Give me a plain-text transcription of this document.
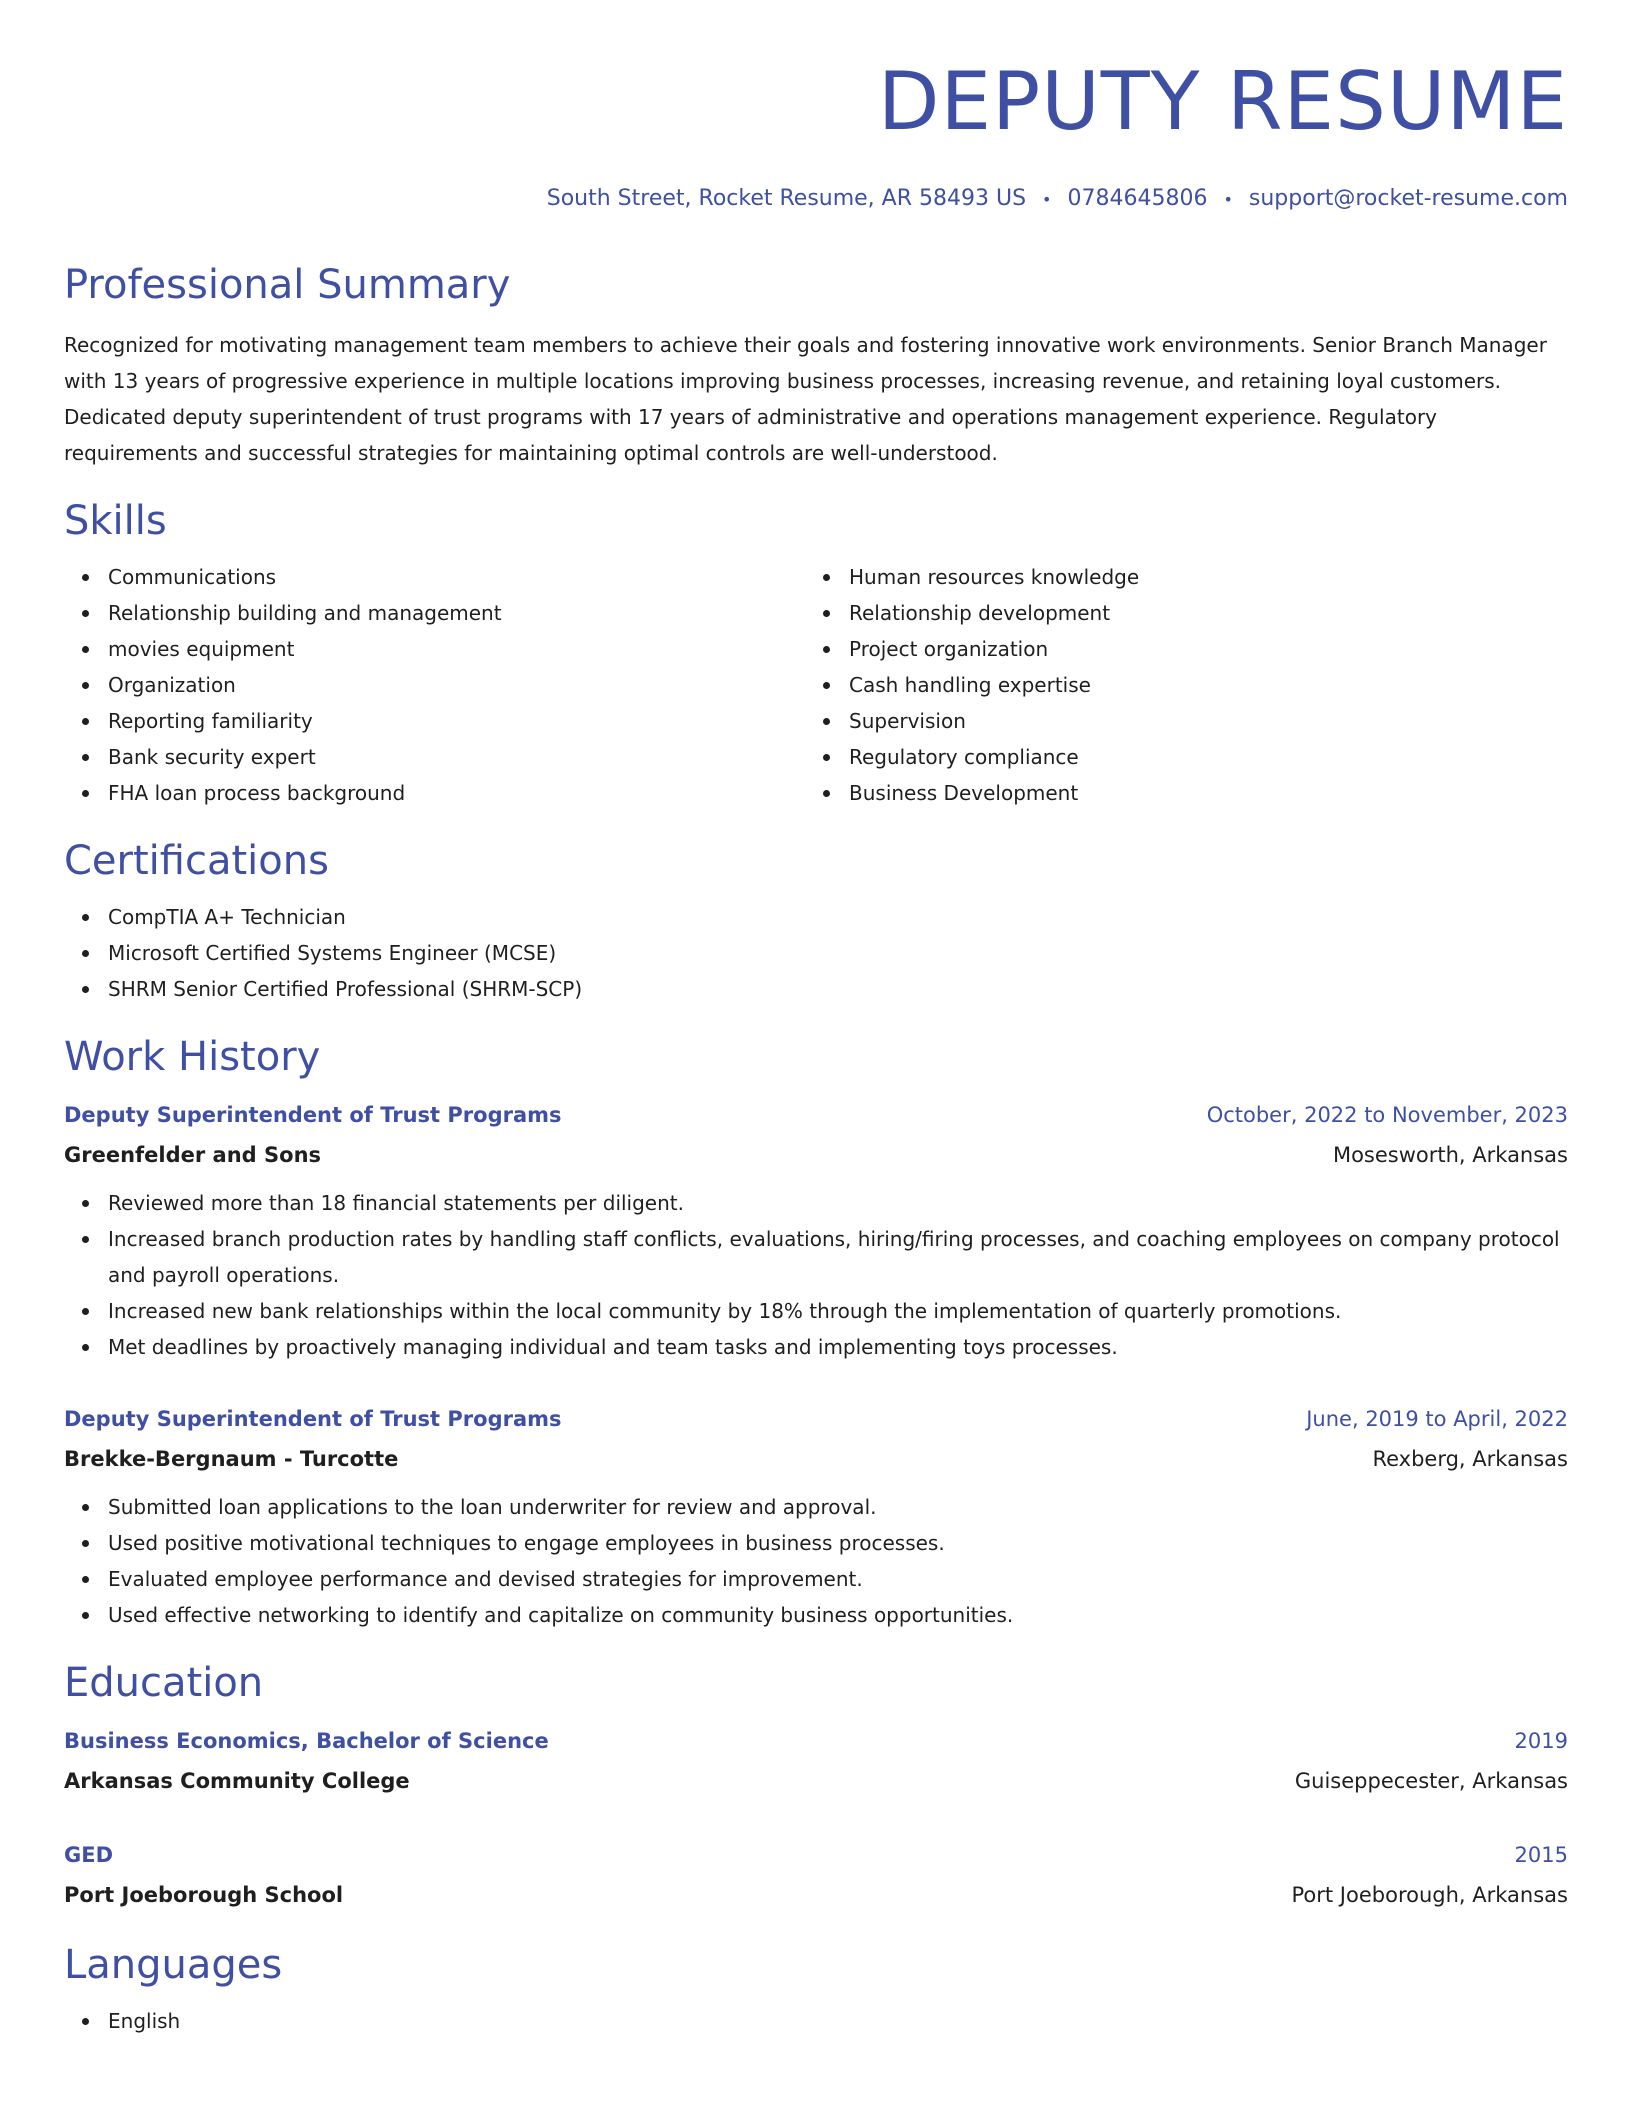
DEPUTY RESUME
South Street, Rocket Resume, AR 58493 US • 0784645806 • support@rocket-resume.com
Professional Summary
Recognized for motivating management team members to achieve their goals and fostering innovative work environments. Senior Branch Manager with 13 years of progressive experience in multiple locations improving business processes, increasing revenue, and retaining loyal customers. Dedicated deputy superintendent of trust programs with 17 years of administrative and operations management experience. Regulatory requirements and successful strategies for maintaining optimal controls are well-understood.
Skills
Communications
Relationship building and management
movies equipment
Organization
Reporting familiarity
Bank security expert
FHA loan process background
Human resources knowledge
Relationship development
Project organization
Cash handling expertise
Supervision
Regulatory compliance
Business Development
Certifications
CompTIA A+ Technician
Microsoft Certified Systems Engineer (MCSE)
SHRM Senior Certified Professional (SHRM-SCP)
Work History
Deputy Superintendent of Trust Programs	October, 2022 to November, 2023
Greenfelder and Sons	Mosesworth, Arkansas
Reviewed more than 18 financial statements per diligent.
Increased branch production rates by handling staff conflicts, evaluations, hiring/firing processes, and coaching employees on company protocol and payroll operations.
Increased new bank relationships within the local community by 18% through the implementation of quarterly promotions.
Met deadlines by proactively managing individual and team tasks and implementing toys processes.
Deputy Superintendent of Trust Programs	June, 2019 to April, 2022
Brekke-Bergnaum - Turcotte	Rexberg, Arkansas
Submitted loan applications to the loan underwriter for review and approval.
Used positive motivational techniques to engage employees in business processes.
Evaluated employee performance and devised strategies for improvement.
Used effective networking to identify and capitalize on community business opportunities.
Education
Business Economics, Bachelor of Science	2019
Arkansas Community College	Guiseppecester, Arkansas
GED	2015
Port Joeborough School	Port Joeborough, Arkansas
Languages
English
